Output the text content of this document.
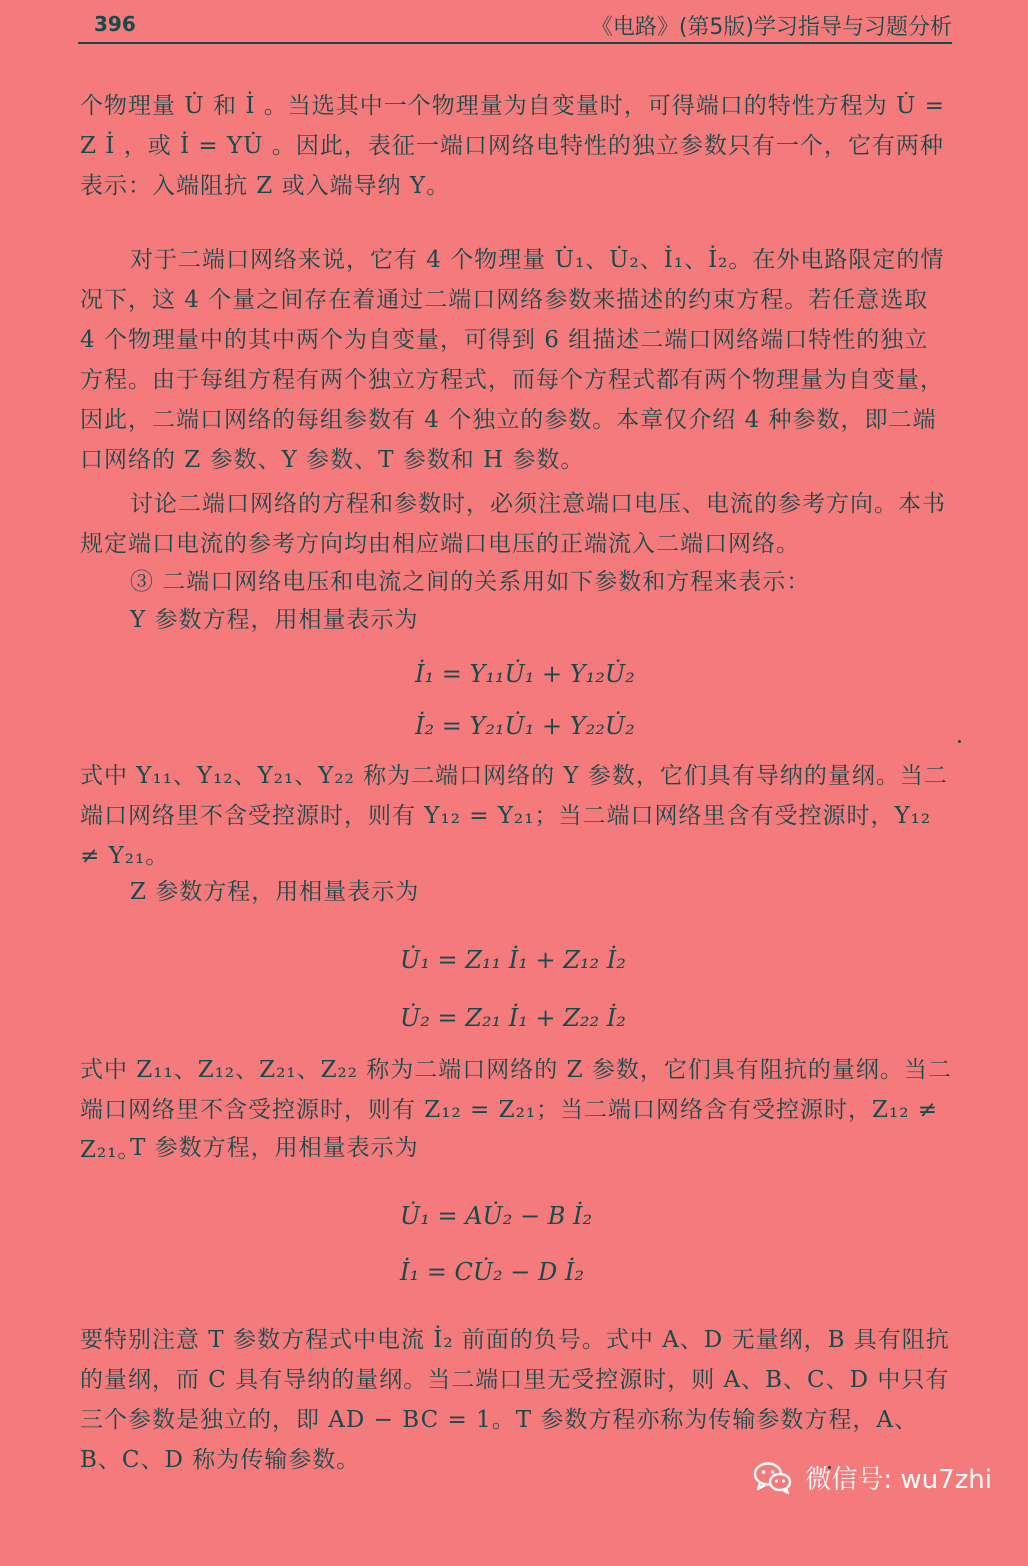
396	《电路》(第5版)学习指导与习题分析

个物理量 U̇ 和 İ 。当选其中一个物理量为自变量时，可得端口的特性方程为 U̇ = Z İ ，或 İ = YU̇ 。因此，表征一端口网络电特性的独立参数只有一个，它有两种表示：入端阻抗 Z 或入端导纳 Y。

对于二端口网络来说，它有 4 个物理量 U̇₁、U̇₂、İ₁、İ₂。在外电路限定的情况下，这 4 个量之间存在着通过二端口网络参数来描述的约束方程。若任意选取 4 个物理量中的其中两个为自变量，可得到 6 组描述二端口网络端口特性的独立方程。由于每组方程有两个独立方程式，而每个方程式都有两个物理量为自变量，因此，二端口网络的每组参数有 4 个独立的参数。本章仅介绍 4 种参数，即二端口网络的 Z 参数、Y 参数、T 参数和 H 参数。

讨论二端口网络的方程和参数时，必须注意端口电压、电流的参考方向。本书规定端口电流的参考方向均由相应端口电压的正端流入二端口网络。

③ 二端口网络电压和电流之间的关系用如下参数和方程来表示：

Y 参数方程，用相量表示为

İ₁ = Y₁₁U̇₁ + Y₁₂U̇₂
İ₂ = Y₂₁U̇₁ + Y₂₂U̇₂

式中 Y₁₁、Y₁₂、Y₂₁、Y₂₂ 称为二端口网络的 Y 参数，它们具有导纳的量纲。当二端口网络里不含受控源时，则有 Y₁₂ = Y₂₁；当二端口网络里含有受控源时，Y₁₂ ≠ Y₂₁。

Z 参数方程，用相量表示为

U̇₁ = Z₁₁ İ₁ + Z₁₂ İ₂
U̇₂ = Z₂₁ İ₁ + Z₂₂ İ₂

式中 Z₁₁、Z₁₂、Z₂₁、Z₂₂ 称为二端口网络的 Z 参数，它们具有阻抗的量纲。当二端口网络里不含受控源时，则有 Z₁₂ = Z₂₁；当二端口网络含有受控源时，Z₁₂ ≠ Z₂₁。

T 参数方程，用相量表示为

U̇₁ = AU̇₂ − B İ₂
İ₁ = CU̇₂ − D İ₂

要特别注意 T 参数方程式中电流 İ₂ 前面的负号。式中 A、D 无量纲，B 具有阻抗的量纲，而 C 具有导纳的量纲。当二端口里无受控源时，则 A、B、C、D 中只有三个参数是独立的，即 AD − BC = 1。T 参数方程亦称为传输参数方程，A、B、C、D 称为传输参数。

微信号: wu7zhi
